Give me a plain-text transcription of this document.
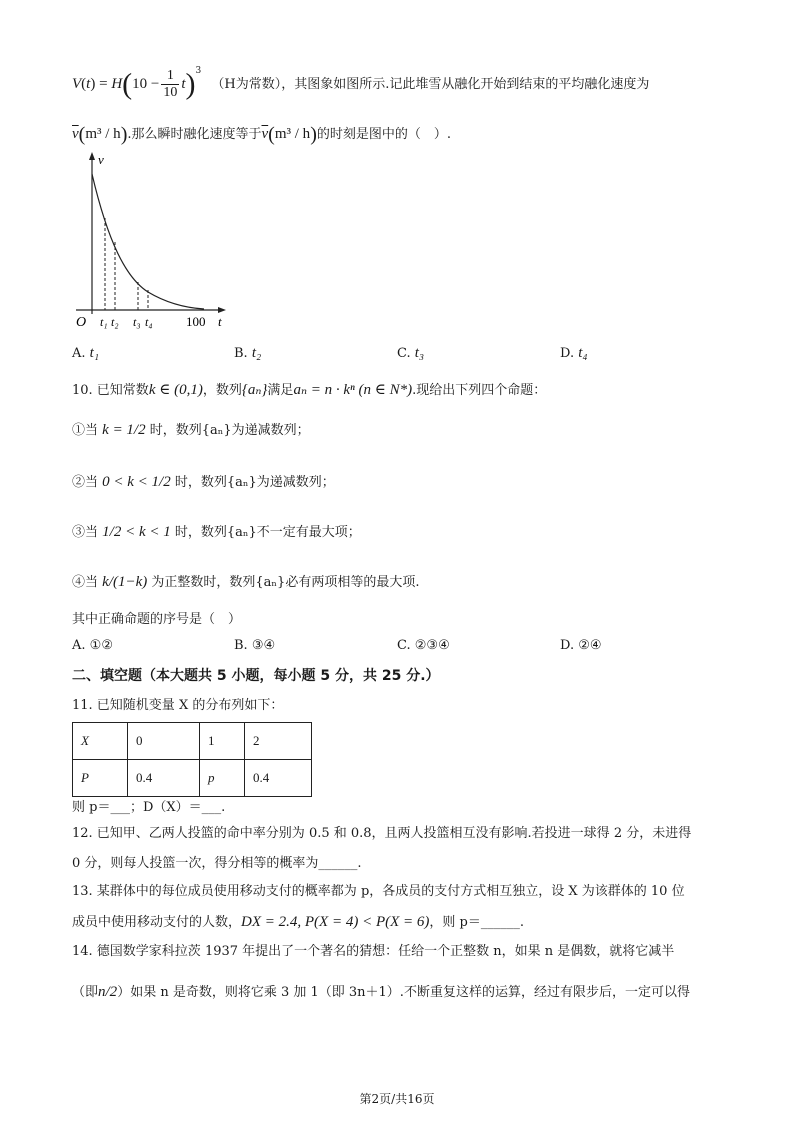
$V(t) = H(10 - \frac{1}{10} t)^3$ （H为常数），其图象如图所示.记此堆雪从融化开始到结束的平均融化速度为
$\overline{v}(m^3 / h)$.那么瞬时融化速度等于$\overline{v}(m^3 / h)$的时刻是图中的（　）.
v
O t₁ t₂ t₃ t₄	100 t
A. t₁	B. t₂	C. t₃	D. t₄
10. 已知常数k ∈ (0,1)，数列{aₙ}满足aₙ = n · kⁿ (n ∈ N*).现给出下列四个命题：
①当 k = 1/2 时，数列{aₙ}为递减数列；
②当 0 < k < 1/2 时，数列{aₙ}为递减数列；
③当 1/2 < k < 1 时，数列{aₙ}不一定有最大项；
④当 k/(1−k) 为正整数时，数列{aₙ}必有两项相等的最大项.
其中正确命题的序号是（　）
A. ①②	B. ③④	C. ②③④	D. ②④
二、填空题（本大题共 5 小题，每小题 5 分，共 25 分.）
11. 已知随机变量 X 的分布列如下：
X	0	1	2
P	0.4	p	0.4
则 p＝___；D（X）＝___.
12. 已知甲、乙两人投篮的命中率分别为 0.5 和 0.8，且两人投篮相互没有影响.若投进一球得 2 分，未进得
0 分，则每人投篮一次，得分相等的概率为______.
13. 某群体中的每位成员使用移动支付的概率都为 p，各成员的支付方式相互独立，设 X 为该群体的 10 位
成员中使用移动支付的人数，DX = 2.4, P(X = 4) < P(X = 6)，则 p＝______.
14. 德国数学家科拉茨 1937 年提出了一个著名的猜想：任给一个正整数 n，如果 n 是偶数，就将它减半
（即n/2）如果 n 是奇数，则将它乘 3 加 1（即 3n＋1）.不断重复这样的运算，经过有限步后，一定可以得
第2页/共16页
